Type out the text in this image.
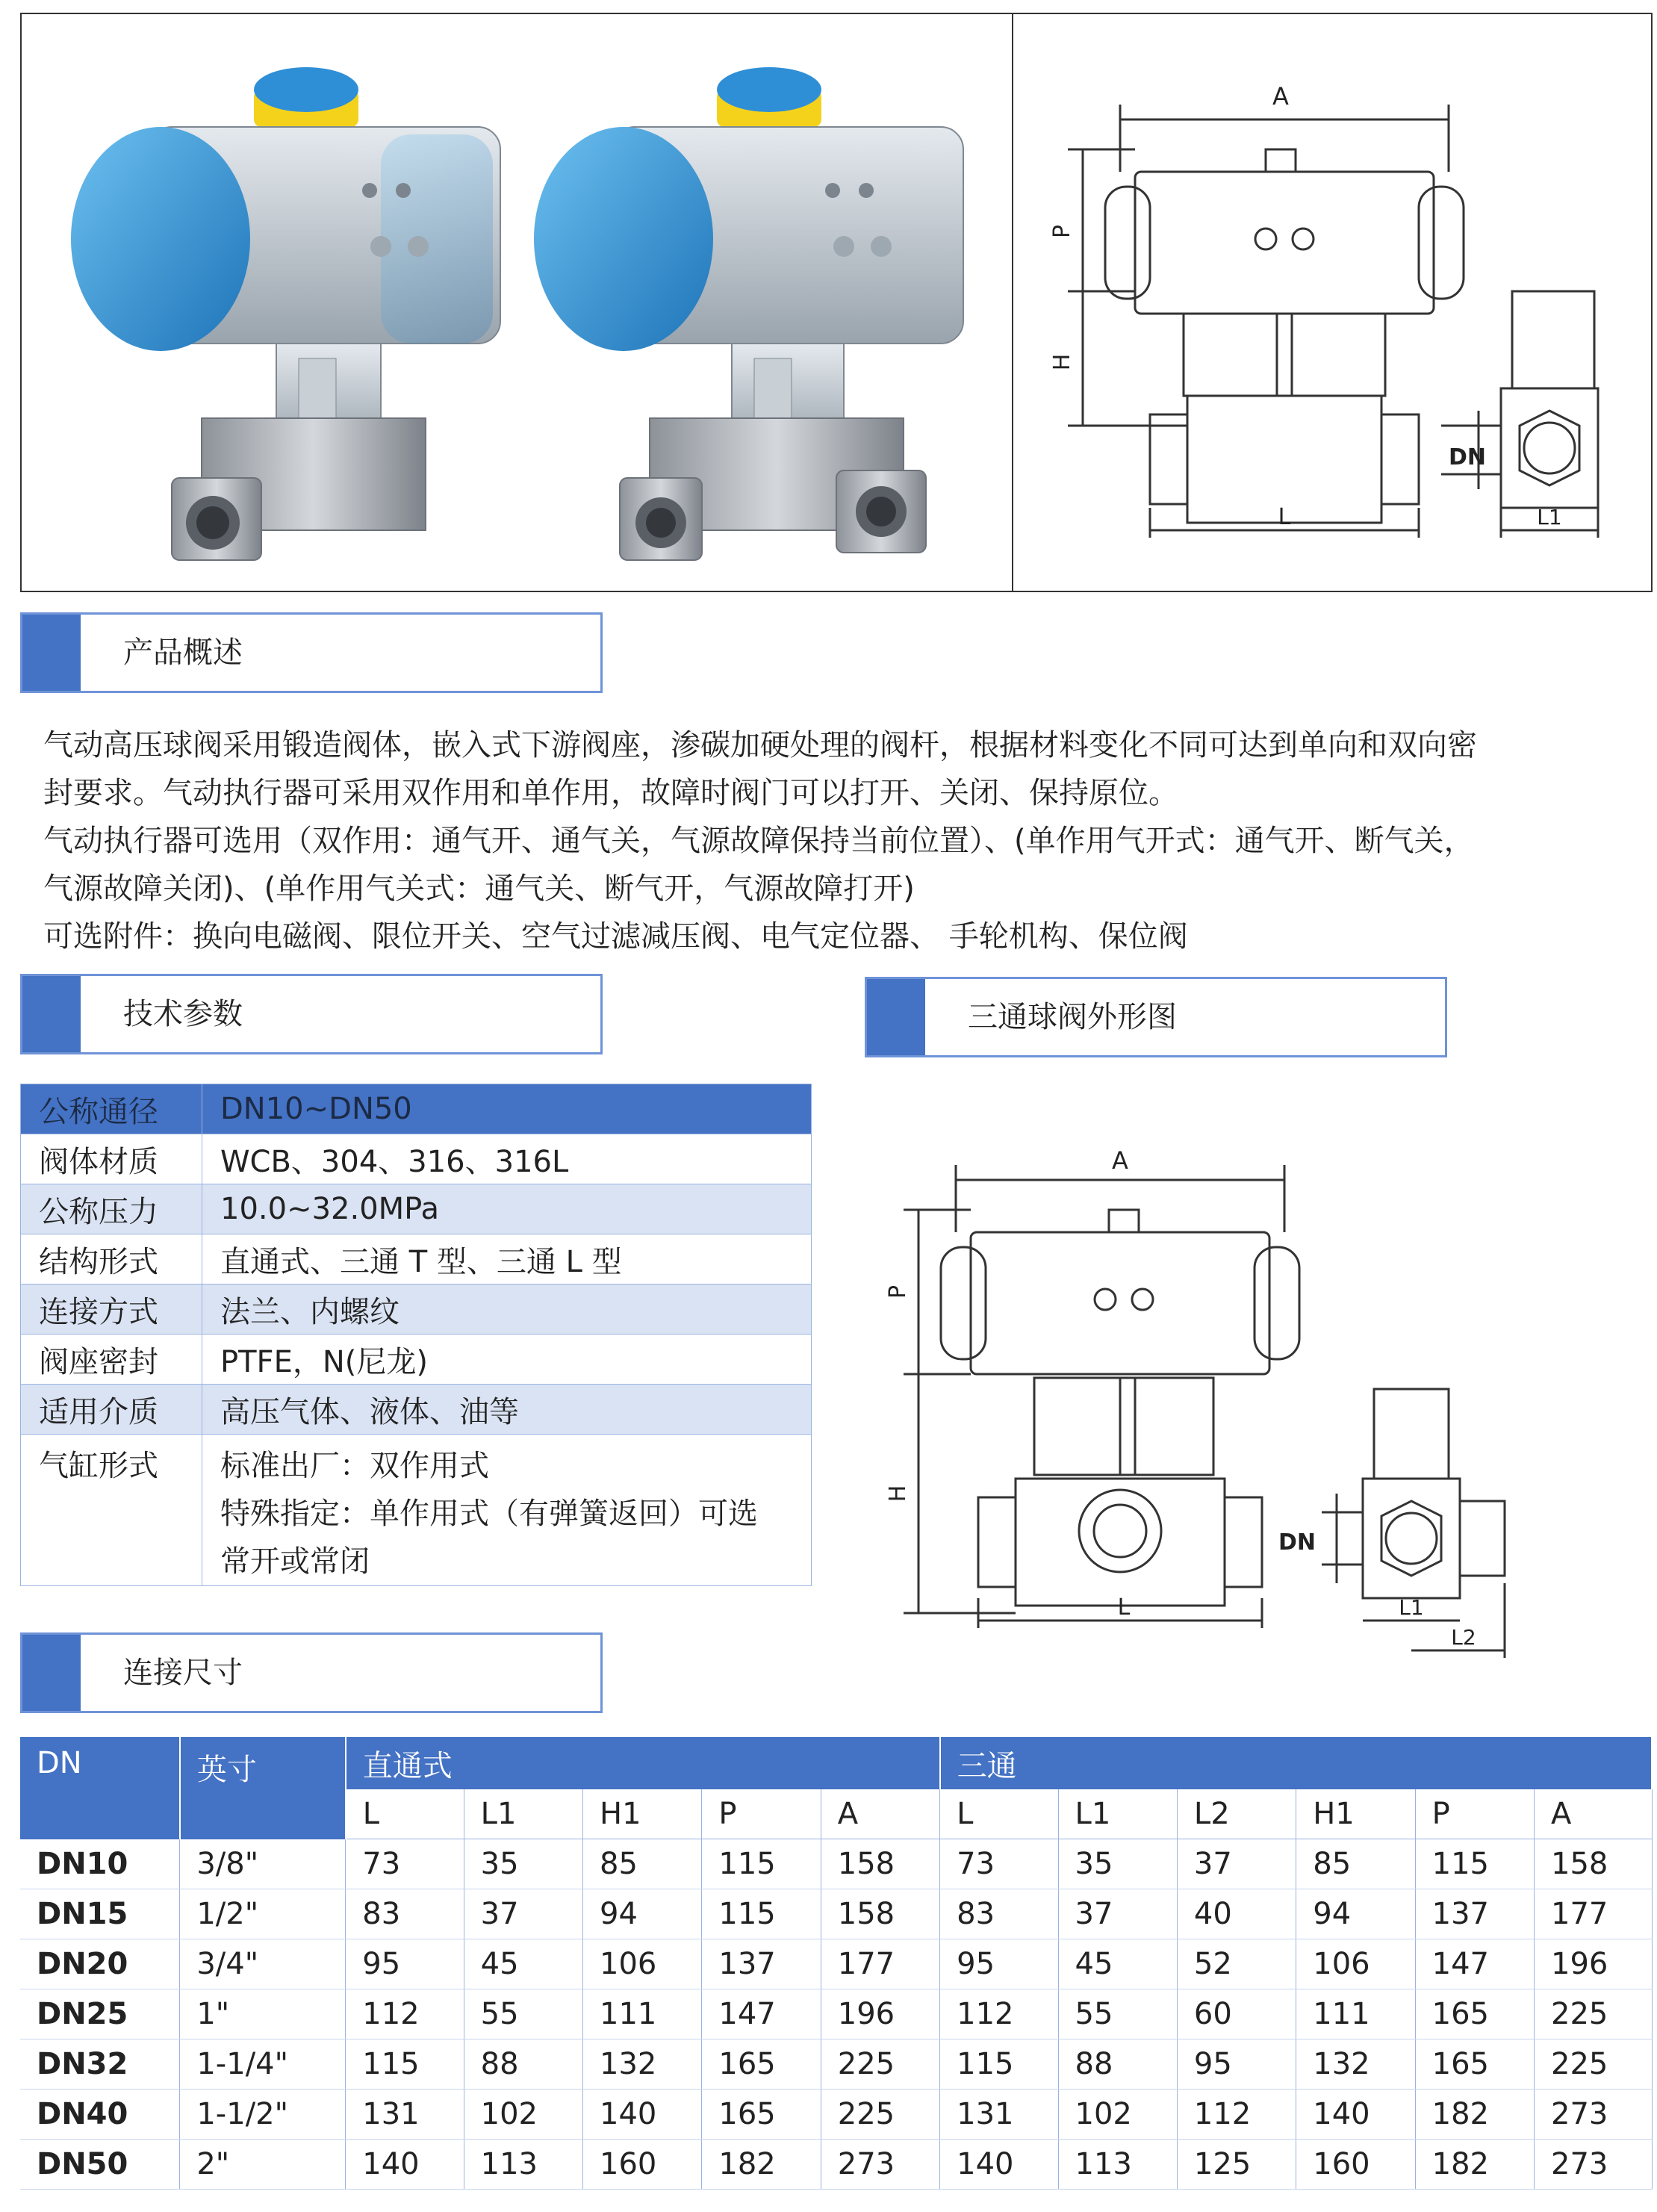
A
P
H
L
DN
L1
产品概述
气动高压球阀采用锻造阀体，嵌入式下游阀座，渗碳加硬处理的阀杆，根据材料变化不同可达到单向和双向密
封要求。气动执行器可采用双作用和单作用，故障时阀门可以打开、关闭、保持原位。
气动执行器可选用（双作用：通气开、通气关，气源故障保持当前位置）、(单作用气开式：通气开、断气关，
气源故障关闭)、(单作用气关式：通气关、断气开，气源故障打开)
可选附件：换向电磁阀、限位开关、空气过滤减压阀、电气定位器、 手轮机构、保位阀
技术参数	三通球阀外形图
公称通径	DN10~DN50
阀体材质	WCB、304、316、316L
公称压力	10.0~32.0MPa
结构形式	直通式、三通 T 型、三通 L 型
连接方式	法兰、内螺纹
阀座密封	PTFE，N(尼龙)
适用介质	高压气体、液体、油等
气缸形式	标准出厂：双作用式
特殊指定：单作用式（有弹簧返回）可选
常开或常闭
A
P
H
L
DN
L1
L2
连接尺寸
DN	英寸	直通式					三通					
		L	L1	H1	P	A	L	L1	L2	H1	P	A
DN10	3/8"	73	35	85	115	158	73	35	37	85	115	158
DN15	1/2"	83	37	94	115	158	83	37	40	94	137	177
DN20	3/4"	95	45	106	137	177	95	45	52	106	147	196
DN25	1"	112	55	111	147	196	112	55	60	111	165	225
DN32	1-1/4"	115	88	132	165	225	115	88	95	132	165	225
DN40	1-1/2"	131	102	140	165	225	131	102	112	140	182	273
DN50	2"	140	113	160	182	273	140	113	125	160	182	273
